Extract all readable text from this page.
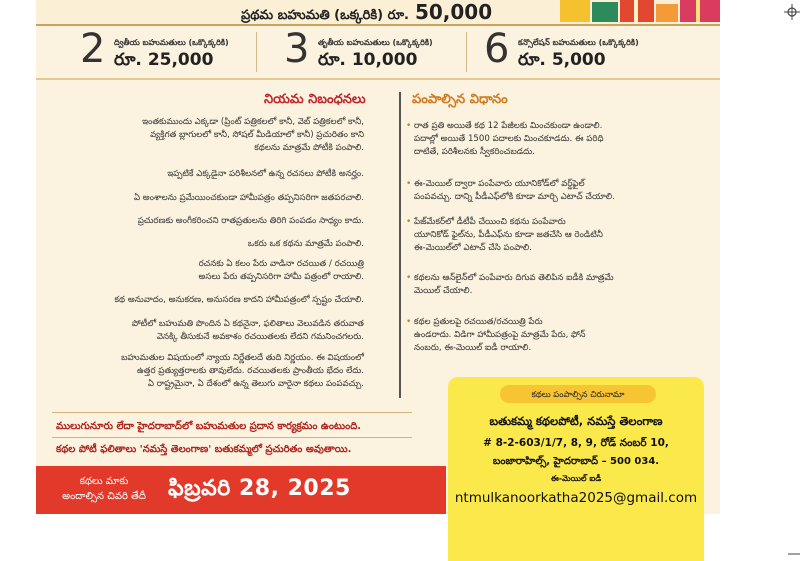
ప్రథమ బహుమతి (ఒక్కరికి) రూ. 50,000
2 ద్వితీయ బహుమతులు (ఒక్కొక్కరికి)
రూ. 25,000 3 తృతీయ బహుమతులు (ఒక్కొక్కరికి)
రూ. 10,000 6 కన్సొలేషన్ బహుమతులు (ఒక్కొక్కరికి)
రూ. 5,000
నియమ నిబంధనలు
ఇంతకుముందు ఎక్కడా (ప్రింట్ పత్రికలలో కానీ, వెబ్ పత్రికలలో కానీ,
వ్యక్తిగత బ్లాగులలో కానీ, సోషల్ మీడియాలో కానీ) ప్రచురితం కాని
కథలను మాత్రమే పోటీకి పంపాలి.
ఇప్పటికే ఎక్కడైనా పరిశీలనలో ఉన్న రచనలు పోటీకి అనర్హం.
ఏ అంశాలను ప్రమేయించకుండా హామీపత్రం తప్పనిసరిగా జతపరచాలి.
ప్రచురణకు అంగీకరించని రాతప్రతులను తిరిగి పంపడం సాధ్యం కాదు.
ఒకరు ఒక కథను మాత్రమే పంపాలి.
రచనకు ఏ కలం పేరు వాడినా రచయిత / రచయిత్రి
అసలు పేరు తప్పనిసరిగా హామీ పత్రంలో రాయాలి.
కథ అనువాదం, అనుకరణ, అనుసరణ కాదని హామీపత్రంలో స్పష్టం చేయాలి.
పోటీలో బహుమతి పొందిన ఏ కథనైనా, ఫలితాలు వెలువడిన తరువాత
వెనక్కి తీసుకునే అవకాశం రచయితలకు లేదని గమనించగలరు.
బహుమతుల విషయంలో న్యాయ నిర్ణేతలదే తుది నిర్ణయం. ఈ విషయంలో
ఉత్తర ప్రత్యుత్తరాలకు తావులేదు. రచయితలకు ప్రాంతీయ భేదం లేదు.
ఏ రాష్ట్రమైనా, ఏ దేశంలో ఉన్న తెలుగు వారైనా కథలు పంపవచ్చు.
పంపాల్సిన విధానం
• రాత ప్రతి అయితే కథ 12 పేజీలకు మించకుండా ఉండాలి.
పదాల్లో అయితే 1500 పదాలకు మించకూడదు. ఈ పరిధి
దాటితే, పరిశీలనకు స్వీకరించబడదు.
• ఈ-మెయిల్ ద్వారా పంపేవారు యూనికోడ్‌లో వర్డ్‌ఫైల్
పంపవచ్చు. దాన్ని పీడీఎఫ్‌లోకి కూడా మార్చి ఎటాచ్ చేయాలి.
• పేజ్‌మేకర్‌లో డీటీపీ చేయించి కథను పంపేవారు
యూనికోడ్ ఫైల్‌ను, పీడీఎఫ్‌ను కూడా జతచేసి ఆ రెండిటినీ
ఈ-మెయిల్‌లో ఎటాచ్ చేసి పంపాలి.
• కథలను ఆన్‌లైన్‌లో పంపేవారు దిగువ తెలిపిన ఐడీకి మాత్రమే
మెయిల్ చేయాలి.
• కథల ప్రతులపై రచయిత/రచయిత్రి పేరు
ఉండరాదు. విడిగా హామీపత్రంపై మాత్రమే పేరు, ఫోన్
నంబరు, ఈ-మెయిల్ ఐడీ రాయాలి.
ములుగునూరు లేదా హైదరాబాద్‌లో బహుమతుల ప్రదాన కార్యక్రమం ఉంటుంది.
కథల పోటీ ఫలితాలు 'నమస్తే తెలంగాణ' బతుకమ్మలో ప్రచురితం అవుతాయి.
కథలు మాకు
అందాల్సిన చివరి తేదీ	ఫిబ్రవరి 28, 2025
కథలు పంపాల్సిన చిరునామా
బతుకమ్మ కథలపోటీ, నమస్తే తెలంగాణ
# 8-2-603/1/7, 8, 9, రోడ్ నంబర్ 10,
బంజారాహిల్స్, హైదరాబాద్ – 500 034.
ఈ-మెయిల్ ఐడీ
ntmulkanoorkatha2025@gmail.com
